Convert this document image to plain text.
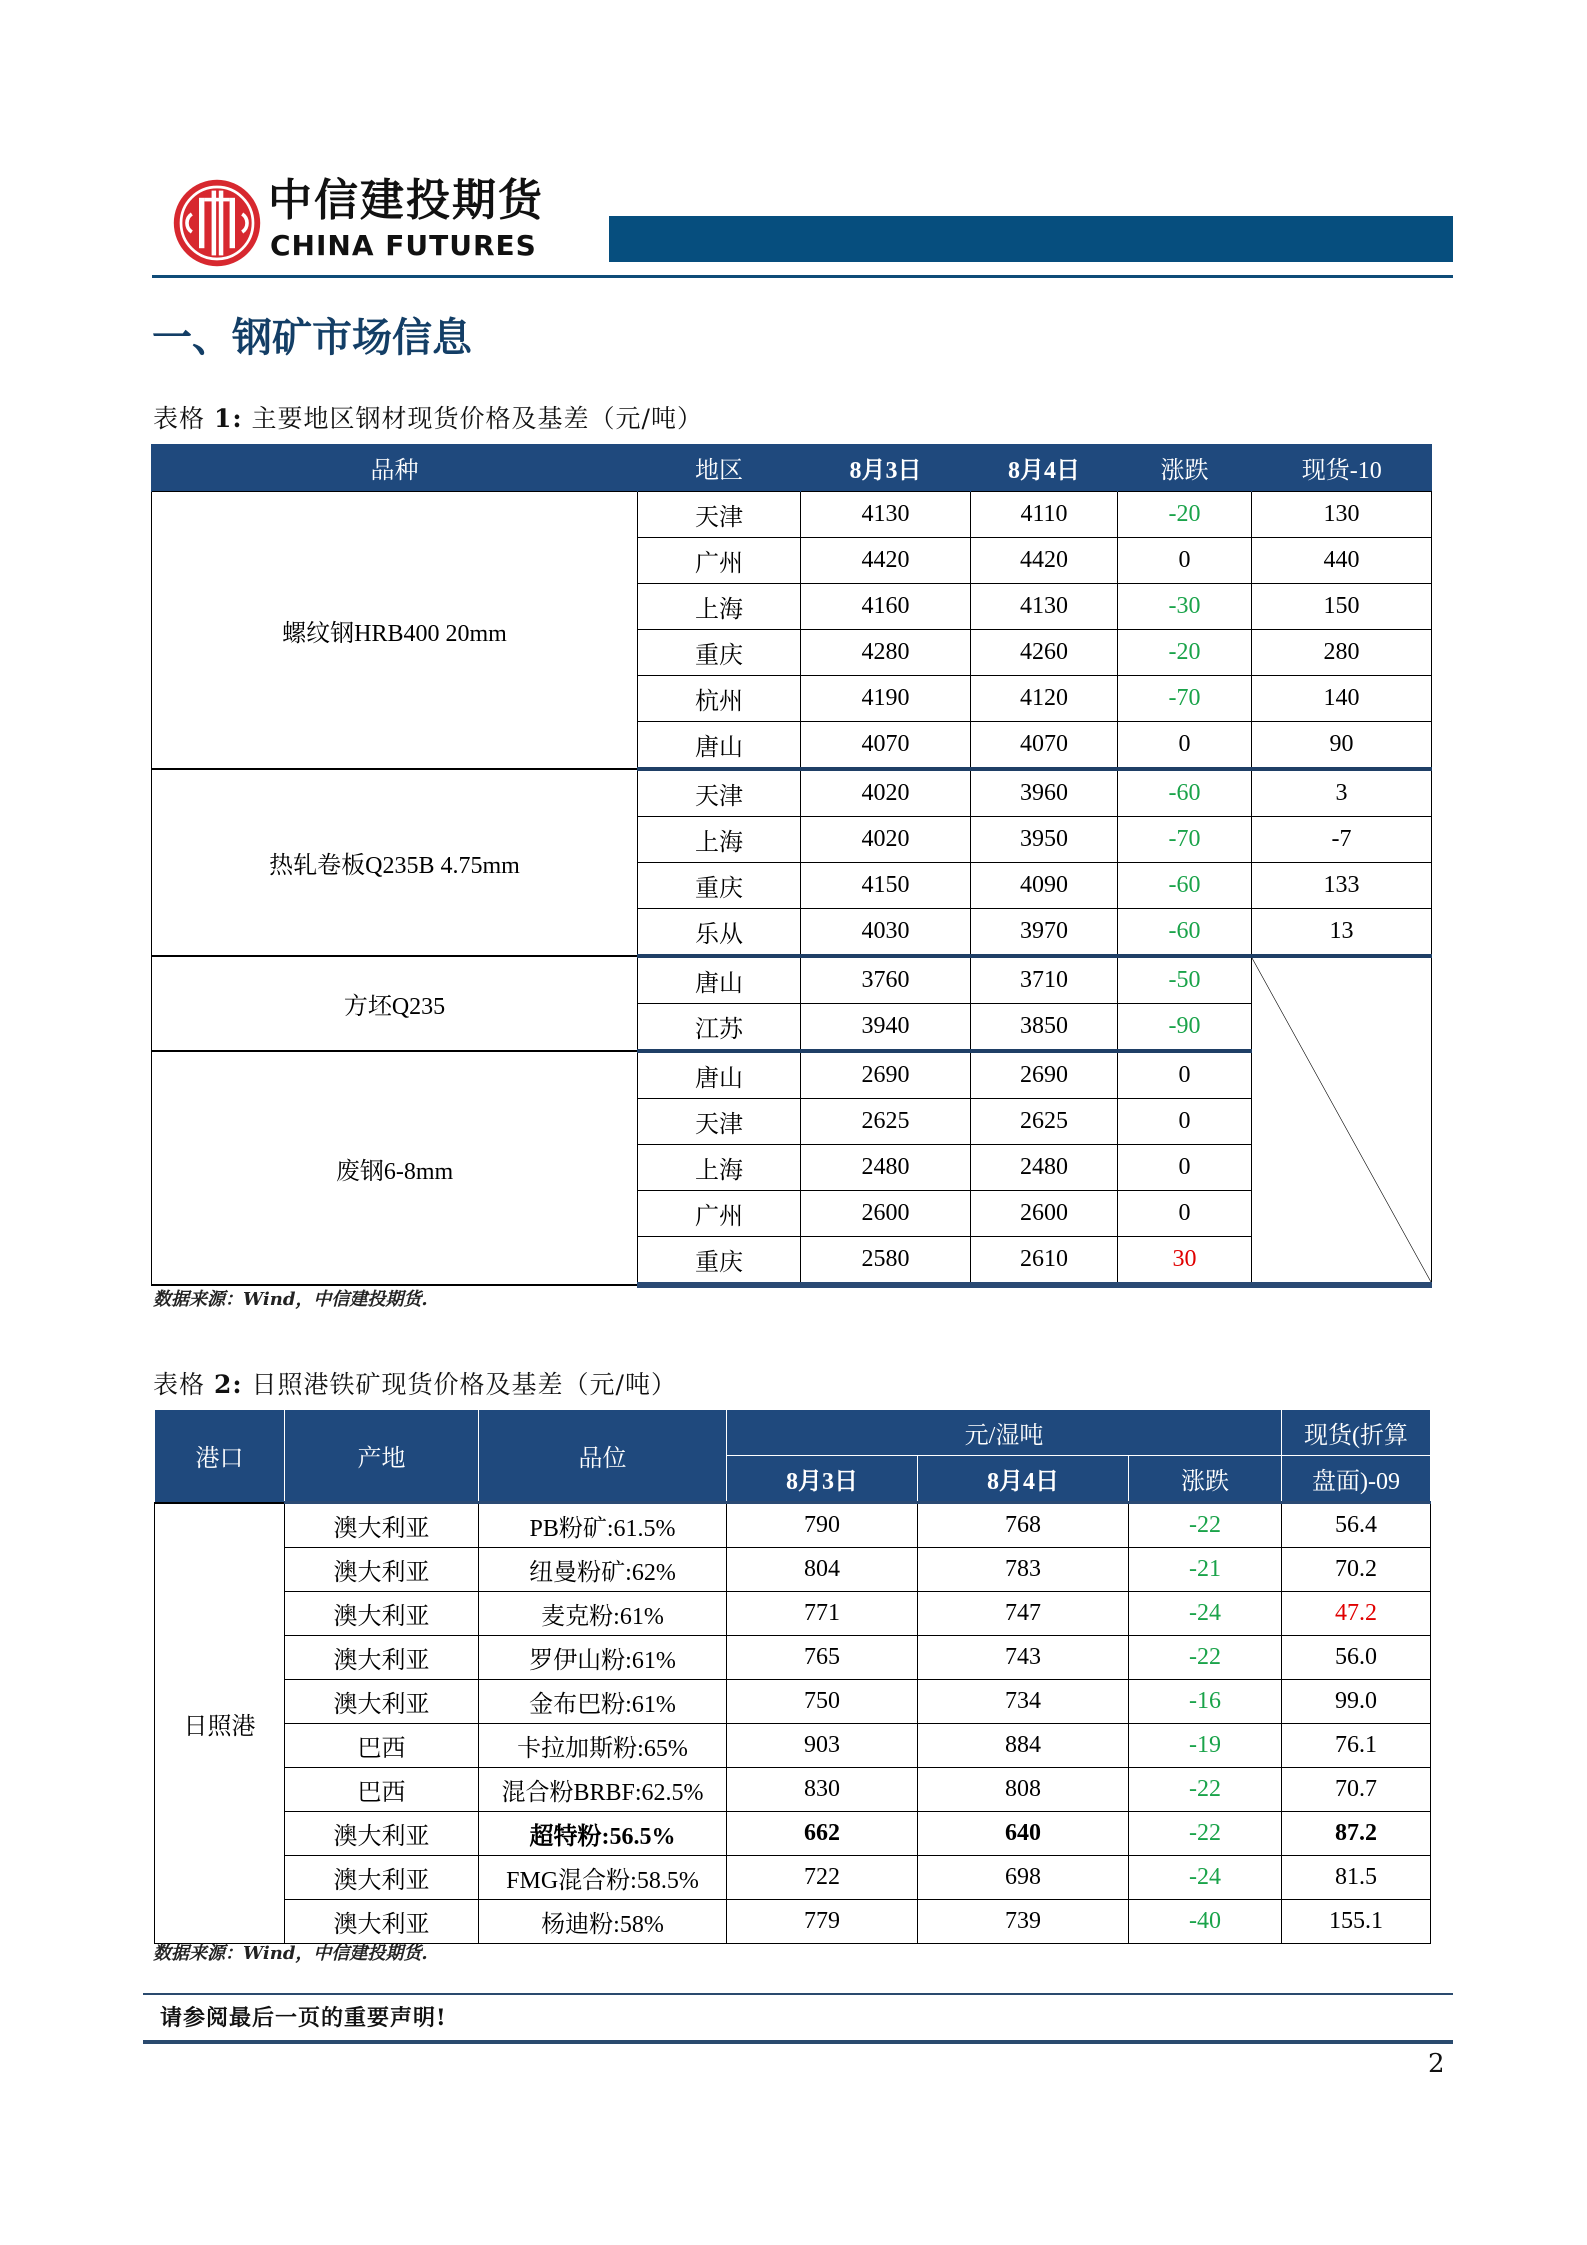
中信建投期货
CHINA FUTURES
一、钢矿市场信息
表格 1: 主要地区钢材现货价格及基差（元/吨）
品种	地区	8月3日	8月4日	涨跌	现货-10
螺纹钢HRB400 20mm	天津	4130	4110	-20	130
	广州	4420	4420	0	440
	上海	4160	4130	-30	150
	重庆	4280	4260	-20	280
	杭州	4190	4120	-70	140
	唐山	4070	4070	0	90
热轧卷板Q235B 4.75mm	天津	4020	3960	-60	3
	上海	4020	3950	-70	-7
	重庆	4150	4090	-60	133
	乐从	4030	3970	-60	13
方坯Q235	唐山	3760	3710	-50	

	江苏	3940	3850	-90	
废钢6-8mm	唐山	2690	2690	0	
	天津	2625	2625	0	
	上海	2480	2480	0	
	广州	2600	2600	0	
	重庆	2580	2610	30	
数据来源：Wind，中信建投期货.
表格 2: 日照港铁矿现货价格及基差（元/吨）
港口	产地	品位	元/湿吨			现货(折算
			8月3日	8月4日	涨跌	盘面)-09
日照港	澳大利亚	PB粉矿:61.5%	790	768	-22	56.4
	澳大利亚	纽曼粉矿:62%	804	783	-21	70.2
	澳大利亚	麦克粉:61%	771	747	-24	47.2
	澳大利亚	罗伊山粉:61%	765	743	-22	56.0
	澳大利亚	金布巴粉:61%	750	734	-16	99.0
	巴西	卡拉加斯粉:65%	903	884	-19	76.1
	巴西	混合粉BRBF:62.5%	830	808	-22	70.7
	澳大利亚	超特粉:56.5%	662	640	-22	87.2
	澳大利亚	FMG混合粉:58.5%	722	698	-24	81.5
	澳大利亚	杨迪粉:58%	779	739	-40	155.1
数据来源：Wind，中信建投期货.
请参阅最后一页的重要声明!
2
